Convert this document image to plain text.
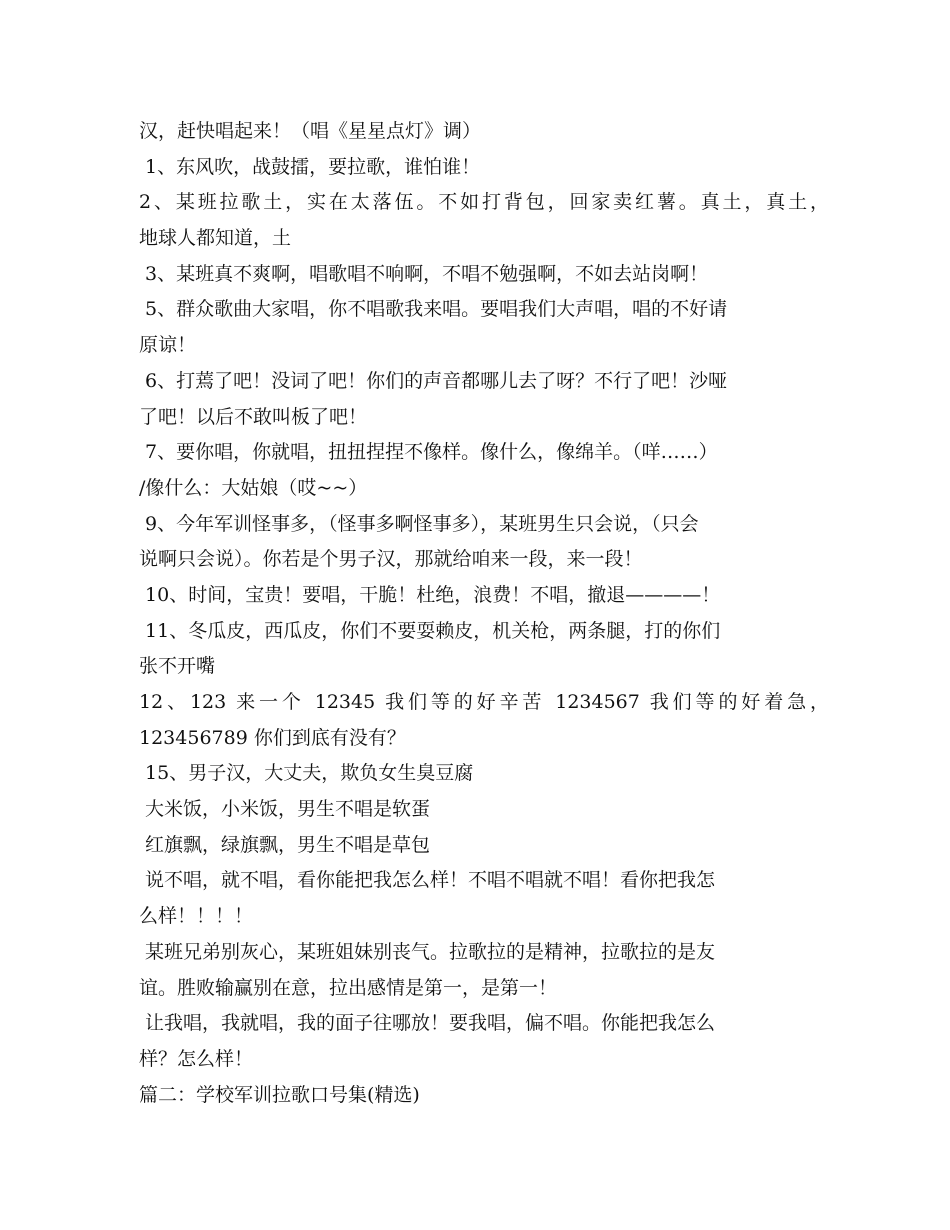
汉，赶快唱起来！（唱《星星点灯》调）

1、东风吹，战鼓擂，要拉歌，谁怕谁！

2、某班拉歌土，实在太落伍。不如打背包，回家卖红薯。真土，真土，

地球人都知道，土

3、某班真不爽啊，唱歌唱不响啊，不唱不勉强啊，不如去站岗啊！

5、群众歌曲大家唱，你不唱歌我来唱。要唱我们大声唱，唱的不好请

原谅！

6、打蔫了吧！没词了吧！你们的声音都哪儿去了呀？不行了吧！沙哑

了吧！以后不敢叫板了吧！

7、要你唱，你就唱，扭扭捏捏不像样。像什么，像绵羊。（咩……）

/像什么：大姑娘（哎~~）

9、今年军训怪事多，（怪事多啊怪事多），某班男生只会说，（只会

说啊只会说）。你若是个男子汉，那就给咱来一段，来一段！

10、时间，宝贵！要唱，干脆！杜绝，浪费！不唱，撤退————！

11、冬瓜皮，西瓜皮，你们不要耍赖皮，机关枪，两条腿，打的你们

张不开嘴

12、123 来一个 12345 我们等的好辛苦 1234567 我们等的好着急，

123456789 你们到底有没有？

15、男子汉，大丈夫，欺负女生臭豆腐

大米饭，小米饭，男生不唱是软蛋

红旗飘，绿旗飘，男生不唱是草包

说不唱，就不唱，看你能把我怎么样！不唱不唱就不唱！看你把我怎

么样！！！！

某班兄弟别灰心，某班姐妹别丧气。拉歌拉的是精神，拉歌拉的是友

谊。胜败输赢别在意，拉出感情是第一，是第一！

让我唱，我就唱，我的面子往哪放！要我唱，偏不唱。你能把我怎么

样？怎么样！

篇二：学校军训拉歌口号集(精选)
